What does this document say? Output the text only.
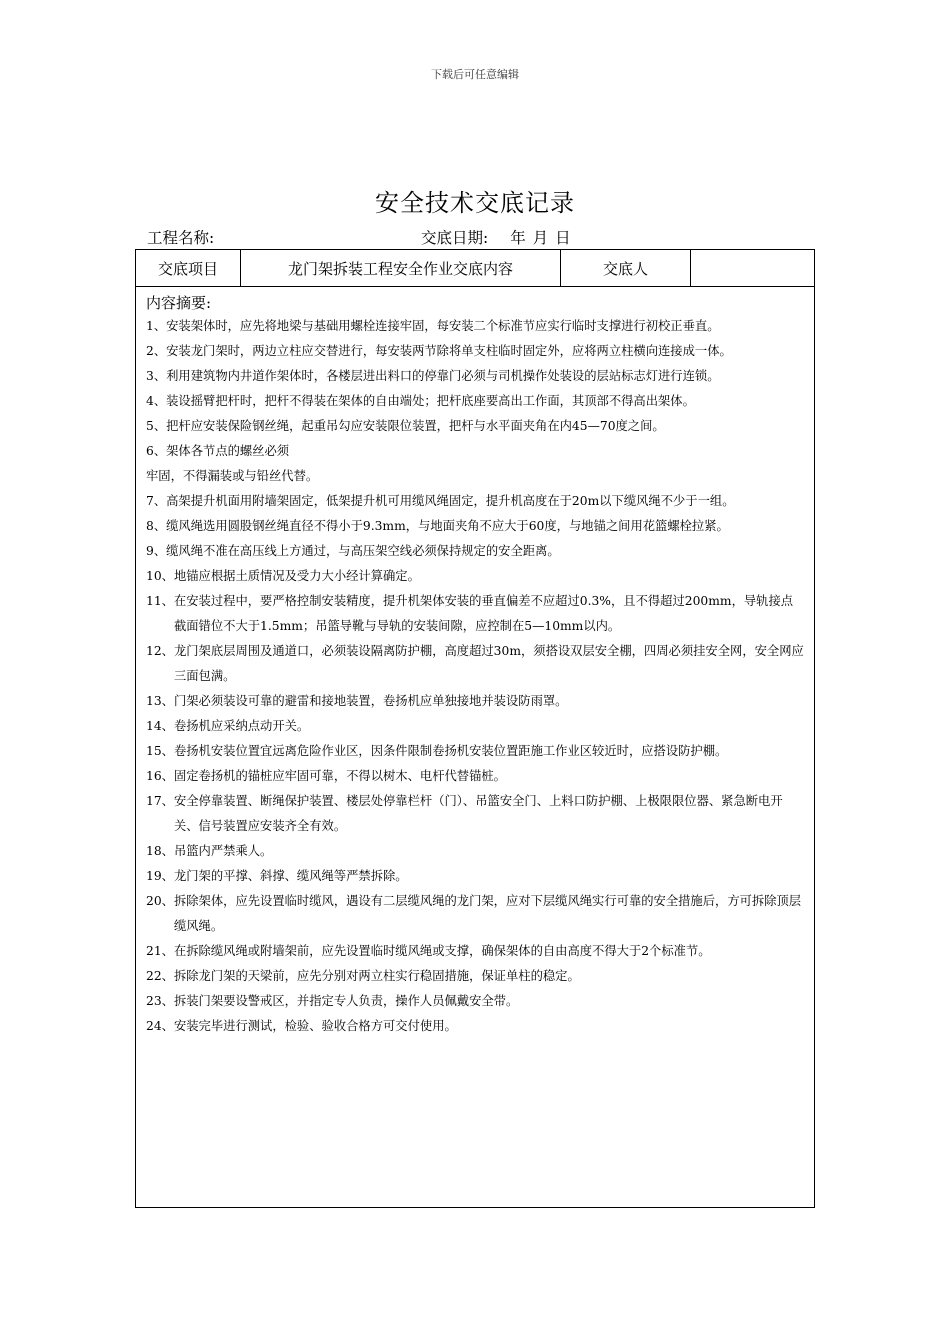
下载后可任意编辑
安全技术交底记录
工程名称:	交底日期: 年 月 日
交底项目	龙门架拆装工程安全作业交底内容	交底人
内容摘要:
1、 安装架体时，应先将地梁与基础用螺栓连接牢固，每安装二个标准节应实行临时支撑进行初校正垂直。
2、 安装龙门架时，两边立柱应交替进行，每安装两节除将单支柱临时固定外，应将两立柱横向连接成一体。
3、 利用建筑物内井道作架体时，各楼层进出料口的停靠门必须与司机操作处装设的层站标志灯进行连锁。
4、 装设摇臂把杆时，把杆不得装在架体的自由端处；把杆底座要高出工作面，其顶部不得高出架体。
5、 把杆应安装保险钢丝绳，起重吊勾应安装限位装置，把杆与水平面夹角在内45—70度之间。
6、 架体各节点的螺丝必须
牢固，不得漏装或与铅丝代替。
7、 高架提升机面用附墙架固定，低架提升机可用缆风绳固定，提升机高度在于20m以下缆风绳不少于一组。
8、 缆风绳选用圆股钢丝绳直径不得小于9.3mm，与地面夹角不应大于60度，与地锚之间用花篮螺栓拉紧。
9、 缆风绳不准在高压线上方通过，与高压架空线必须保持规定的安全距离。
10、 地锚应根据土质情况及受力大小经计算确定。
11、 在安装过程中，要严格控制安装精度，提升机架体安装的垂直偏差不应超过0.3%，且不得超过200mm，导轨接点截面错位不大于1.5mm；吊篮导靴与导轨的安装间隙，应控制在5—10mm以内。
12、 龙门架底层周围及通道口，必须装设隔离防护棚，高度超过30m，须搭设双层安全棚，四周必须挂安全网，安全网应三面包满。
13、 门架必须装设可靠的避雷和接地装置，卷扬机应单独接地并装设防雨罩。
14、 卷扬机应采纳点动开关。
15、 卷扬机安装位置宜远离危险作业区，因条件限制卷扬机安装位置距施工作业区较近时，应搭设防护棚。
16、 固定卷扬机的锚桩应牢固可靠，不得以树木、电杆代替锚桩。
17、 安全停靠装置、断绳保护装置、楼层处停靠栏杆（门）、吊篮安全门、上料口防护棚、上极限限位器、紧急断电开关、信号装置应安装齐全有效。
18、 吊篮内严禁乘人。
19、 龙门架的平撑、斜撑、缆风绳等严禁拆除。
20、 拆除架体，应先设置临时缆风，遇设有二层缆风绳的龙门架，应对下层缆风绳实行可靠的安全措施后，方可拆除顶层缆风绳。
21、 在拆除缆风绳或附墙架前，应先设置临时缆风绳或支撑，确保架体的自由高度不得大于2个标准节。
22、 拆除龙门架的天梁前，应先分别对两立柱实行稳固措施，保证单柱的稳定。
23、 拆装门架要设警戒区，并指定专人负责，操作人员佩戴安全带。
24、 安装完毕进行测试，检验、验收合格方可交付使用。
